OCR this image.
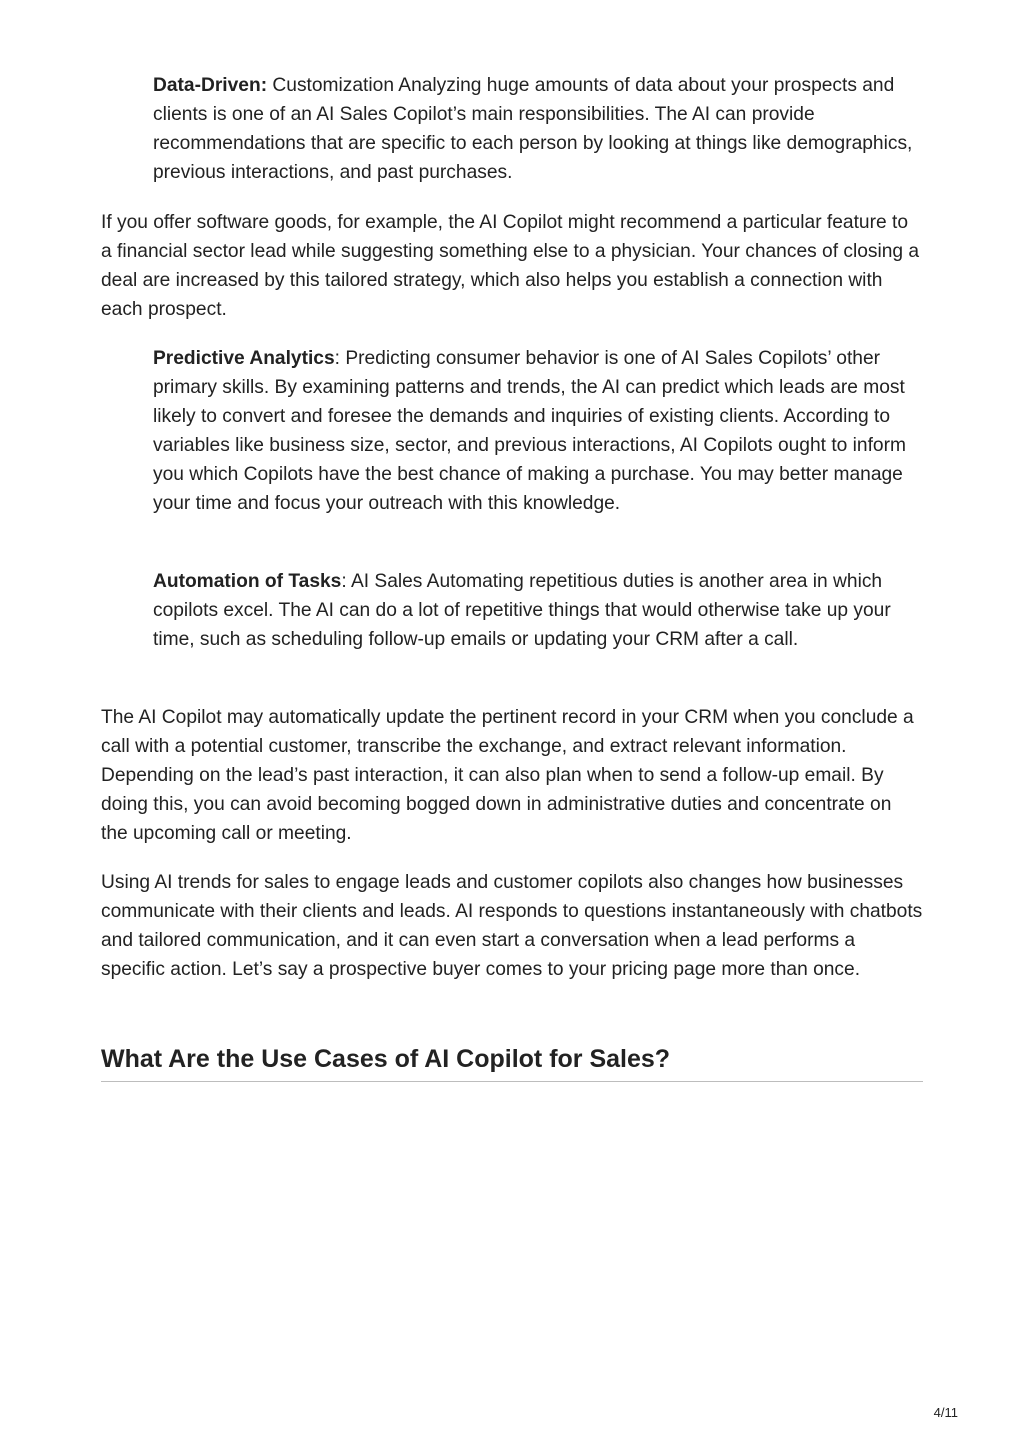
Data-Driven: Customization Analyzing huge amounts of data about your prospects and clients is one of an AI Sales Copilot’s main responsibilities. The AI can provide recommendations that are specific to each person by looking at things like demographics, previous interactions, and past purchases.

If you offer software goods, for example, the AI Copilot might recommend a particular feature to a financial sector lead while suggesting something else to a physician. Your chances of closing a deal are increased by this tailored strategy, which also helps you establish a connection with each prospect.

Predictive Analytics: Predicting consumer behavior is one of AI Sales Copilots’ other primary skills. By examining patterns and trends, the AI can predict which leads are most likely to convert and foresee the demands and inquiries of existing clients. According to variables like business size, sector, and previous interactions, AI Copilots ought to inform you which Copilots have the best chance of making a purchase. You may better manage your time and focus your outreach with this knowledge.

Automation of Tasks: AI Sales Automating repetitious duties is another area in which copilots excel. The AI can do a lot of repetitive things that would otherwise take up your time, such as scheduling follow-up emails or updating your CRM after a call.

The AI Copilot may automatically update the pertinent record in your CRM when you conclude a call with a potential customer, transcribe the exchange, and extract relevant information. Depending on the lead’s past interaction, it can also plan when to send a follow-up email. By doing this, you can avoid becoming bogged down in administrative duties and concentrate on the upcoming call or meeting.

Using AI trends for sales to engage leads and customer copilots also changes how businesses communicate with their clients and leads. AI responds to questions instantaneously with chatbots and tailored communication, and it can even start a conversation when a lead performs a specific action. Let’s say a prospective buyer comes to your pricing page more than once.

What Are the Use Cases of AI Copilot for Sales?
4/11
